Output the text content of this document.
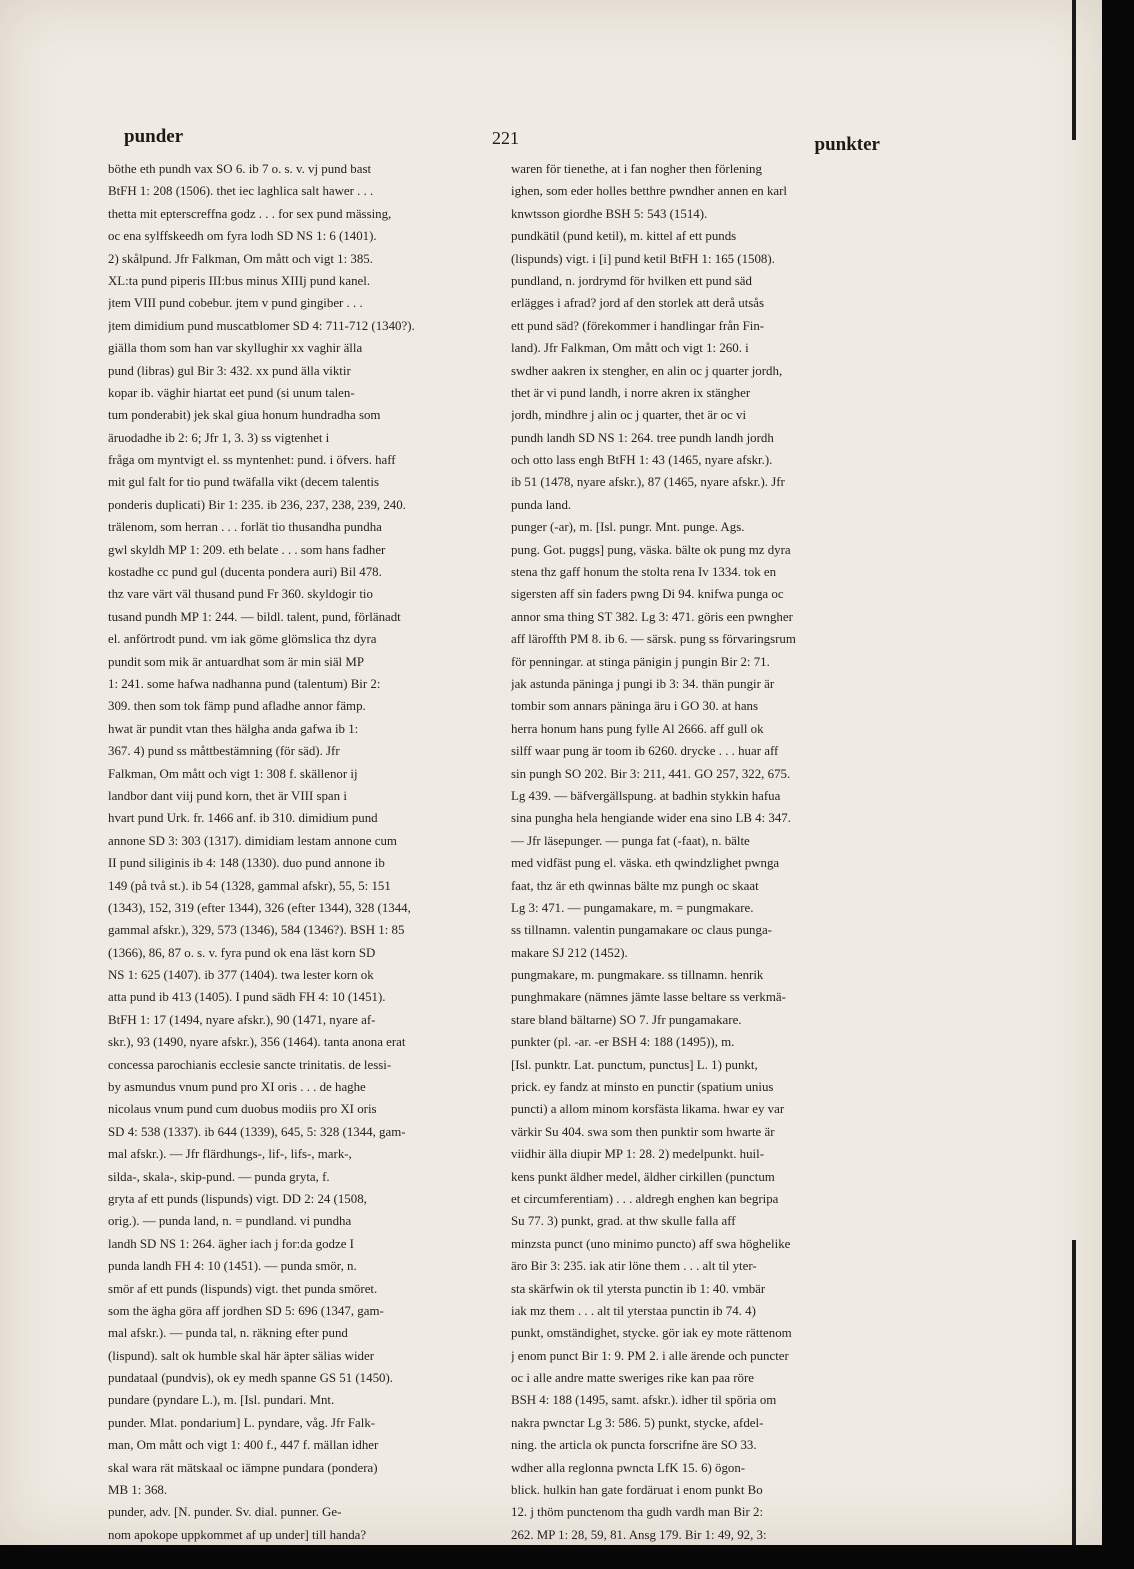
punder	221	punkter
böthe eth pundh vax SO 6. ib 7 o. s. v. vj pund bast
BtFH 1: 208 (1506). thet iec laghlica salt hawer . . .
thetta mit epterscreffna godz . . . for sex pund mässing,
oc ena sylffskeedh om fyra lodh SD NS 1: 6 (1401).
2) skålpund. Jfr Falkman, Om mått och vigt 1: 385.
XL:ta pund piperis III:bus minus XIIIj pund kanel.
jtem VIII pund cobebur. jtem v pund gingiber . . .
jtem dimidium pund muscatblomer SD 4: 711-712 (1340?).
giälla thom som han var skyllughir xx vaghir älla
pund (libras) gul Bir 3: 432. xx pund älla viktir
kopar ib. väghir hiartat eet pund (si unum talen-
tum ponderabit) jek skal giua honum hundradha som
äruodadhe ib 2: 6; Jfr 1, 3. 3) ss vigtenhet i
fråga om myntvigt el. ss myntenhet: pund. i öfvers. haff
mit gul falt for tio pund twäfalla vikt (decem talentis
ponderis duplicati) Bir 1: 235. ib 236, 237, 238, 239, 240.
trälenom, som herran . . . forlät tio thusandha pundha
gwl skyldh MP 1: 209. eth belate . . . som hans fadher
kostadhe cc pund gul (ducenta pondera auri) Bil 478.
thz vare värt väl thusand pund Fr 360. skyldogir tio
tusand pundh MP 1: 244. — bildl. talent, pund, förlänadt
el. anförtrodt pund. vm iak göme glömslica thz dyra
pundit som mik är antuardhat som är min siäl MP
1: 241. some hafwa nadhanna pund (talentum) Bir 2:
309. then som tok fämp pund afladhe annor fämp.
hwat är pundit vtan thes hälgha anda gafwa ib 1:
367. 4) pund ss måttbestämning (för säd). Jfr
Falkman, Om mått och vigt 1: 308 f. skällenor ij
landbor dant viij pund korn, thet är VIII span i
hvart pund Urk. fr. 1466 anf. ib 310. dimidium pund
annone SD 3: 303 (1317). dimidiam lestam annone cum
II pund siliginis ib 4: 148 (1330). duo pund annone ib
149 (på två st.). ib 54 (1328, gammal afskr), 55, 5: 151
(1343), 152, 319 (efter 1344), 326 (efter 1344), 328 (1344,
gammal afskr.), 329, 573 (1346), 584 (1346?). BSH 1: 85
(1366), 86, 87 o. s. v. fyra pund ok ena läst korn SD
NS 1: 625 (1407). ib 377 (1404). twa lester korn ok
atta pund ib 413 (1405). I pund sädh FH 4: 10 (1451).
BtFH 1: 17 (1494, nyare afskr.), 90 (1471, nyare af-
skr.), 93 (1490, nyare afskr.), 356 (1464). tanta anona erat
concessa parochianis ecclesie sancte trinitatis. de lessi-
by asmundus vnum pund pro XI oris . . . de haghe
nicolaus vnum pund cum duobus modiis pro XI oris
SD 4: 538 (1337). ib 644 (1339), 645, 5: 328 (1344, gam-
mal afskr.). — Jfr flärdhungs-, lif-, lifs-, mark-,
silda-, skala-, skip-pund. — punda gryta, f.
gryta af ett punds (lispunds) vigt. DD 2: 24 (1508,
orig.). — punda land, n. = pundland. vi pundha
landh SD NS 1: 264. ägher iach j for:da godze I
punda landh FH 4: 10 (1451). — punda smör, n.
smör af ett punds (lispunds) vigt. thet punda smöret.
som the ägha göra aff jordhen SD 5: 696 (1347, gam-
mal afskr.). — punda tal, n. räkning efter pund
(lispund). salt ok humble skal här äpter sälias wider
pundataal (pundvis), ok ey medh spanne GS 51 (1450).
pundare (pyndare L.), m. [Isl. pundari. Mnt.
punder. Mlat. pondarium] L. pyndare, våg. Jfr Falk-
man, Om mått och vigt 1: 400 f., 447 f. mällan idher
skal wara rät mätskaal oc iämpne pundara (pondera)
MB 1: 368.
punder, adv. [N. punder. Sv. dial. punner. Ge-
nom apokope uppkommet af up under] till handa?
waren för tienethe, at i fan nogher then förlening
ighen, som eder holles betthre pwndher annen en karl
knwtsson giordhe BSH 5: 543 (1514).
pundkätil (pund ketil), m. kittel af ett punds
(lispunds) vigt. i [i] pund ketil BtFH 1: 165 (1508).
pundland, n. jordrymd för hvilken ett pund säd
erlägges i afrad? jord af den storlek att derå utsås
ett pund säd? (förekommer i handlingar från Fin-
land). Jfr Falkman, Om mått och vigt 1: 260. i
swdher aakren ix stengher, en alin oc j quarter jordh,
thet är vi pund landh, i norre akren ix stängher
jordh, mindhre j alin oc j quarter, thet är oc vi
pundh landh SD NS 1: 264. tree pundh landh jordh
och otto lass engh BtFH 1: 43 (1465, nyare afskr.).
ib 51 (1478, nyare afskr.), 87 (1465, nyare afskr.). Jfr
punda land.
punger (-ar), m. [Isl. pungr. Mnt. punge. Ags.
pung. Got. puggs] pung, väska. bälte ok pung mz dyra
stena thz gaff honum the stolta rena Iv 1334. tok en
sigersten aff sin faders pwng Di 94. knifwa punga oc
annor sma thing ST 382. Lg 3: 471. göris een pwngher
aff läroffth PM 8. ib 6. — särsk. pung ss förvaringsrum
för penningar. at stinga pänigin j pungin Bir 2: 71.
jak astunda päninga j pungi ib 3: 34. thän pungir är
tombir som annars päninga äru i GO 30. at hans
herra honum hans pung fylle Al 2666. aff gull ok
silff waar pung är toom ib 6260. drycke . . . huar aff
sin pungh SO 202. Bir 3: 211, 441. GO 257, 322, 675.
Lg 439. — bäfvergällspung. at badhin stykkin hafua
sina pungha hela hengiande wider ena sino LB 4: 347.
— Jfr läsepunger. — punga fat (-faat), n. bälte
med vidfäst pung el. väska. eth qwindzlighet pwnga
faat, thz är eth qwinnas bälte mz pungh oc skaat
Lg 3: 471. — pungamakare, m. = pungmakare.
ss tillnamn. valentin pungamakare oc claus punga-
makare SJ 212 (1452).
pungmakare, m. pungmakare. ss tillnamn. henrik
punghmakare (nämnes jämte lasse beltare ss verkmä-
stare bland bältarne) SO 7. Jfr pungamakare.
punkter (pl. -ar. -er BSH 4: 188 (1495)), m.
[Isl. punktr. Lat. punctum, punctus] L. 1) punkt,
prick. ey fandz at minsto en punctir (spatium unius
puncti) a allom minom korsfästa likama. hwar ey var
värkir Su 404. swa som then punktir som hwarte är
viidhir älla diupir MP 1: 28. 2) medelpunkt. huil-
kens punkt äldher medel, äldher cirkillen (punctum
et circumferentiam) . . . aldregh enghen kan begripa
Su 77. 3) punkt, grad. at thw skulle falla aff
minzsta punct (uno minimo puncto) aff swa höghelike
äro Bir 3: 235. iak atir löne them . . . alt til yter-
sta skärfwin ok til ytersta punctin ib 1: 40. vmbär
iak mz them . . . alt til yterstaa punctin ib 74. 4)
punkt, omständighet, stycke. gör iak ey mote rättenom
j enom punct Bir 1: 9. PM 2. i alle ärende och puncter
oc i alle andre matte sweriges rike kan paa röre
BSH 4: 188 (1495, samt. afskr.). idher til spöria om
nakra pwnctar Lg 3: 586. 5) punkt, stycke, afdel-
ning. the articla ok puncta forscrifne äre SO 33.
wdher alla reglonna pwncta LfK 15. 6) ögon-
blick. hulkin han gate fordäruat i enom punkt Bo
12. j thöm punctenom tha gudh vardh man Bir 2:
262. MP 1: 28, 59, 81. Ansg 179. Bir 1: 49, 92, 3:
